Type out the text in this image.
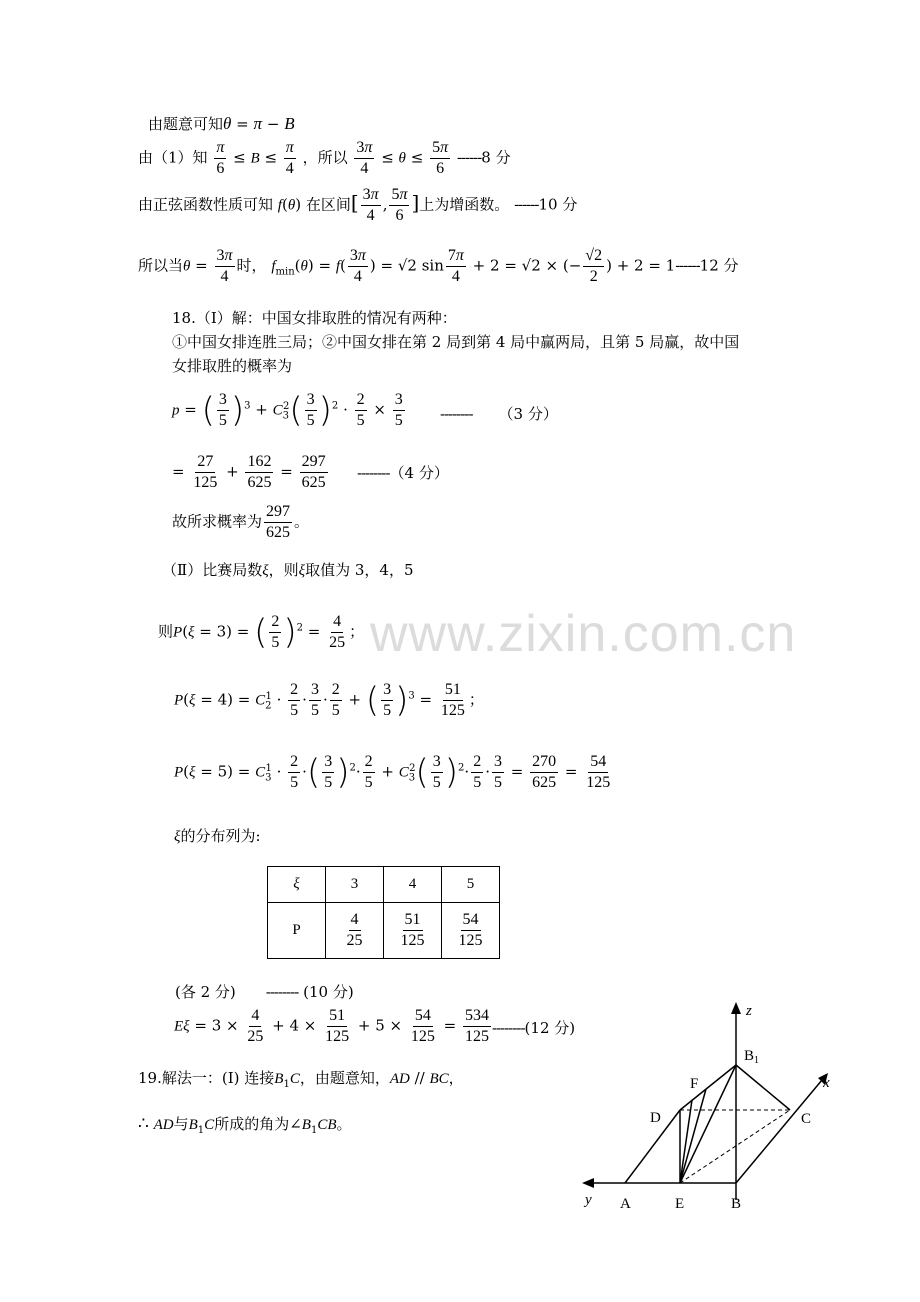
www.zixin.com.cn
由题意可知θ = π − B
由（1）知 $\frac{\pi}{6} \le B \le \frac{\pi}{4}$ ，所以 $\frac{3\pi}{4} \le \theta \le \frac{5\pi}{6} ------8$ 分
由正弦函数性质可知 f(θ) 在区间[ $\frac{3\pi}{4}$ , $\frac{5\pi}{6}$ ]上为增函数。 ------10 分
所以当$\theta = \frac{3\pi}{4}$ 时， $f_{min}(\theta) = f( \frac{3\pi}{4}$ ) = √2 $\sin \frac{7\pi}{4} + 2 = √2$ × (− $\frac{√2}{2}$ ) + 2 = 1------12 分
18.（Ⅰ）解：中国女排取胜的情况有两种：
①中国女排连胜三局；②中国女排在第 2 局到第 4 局中赢两局，且第 5 局赢，故中国
女排取胜的概率为
p = ( $\frac{3}{5} )^3 + C_3^2( \frac{3}{5} )^2 \cdot \frac{2}{5} \times \frac{3}{5}$ -------- （3 分）
= $\frac{27}{125} + \frac{162}{625} = \frac{297}{625} --------(4$ 分）
故所求概率为 $\frac{297}{625}$ 。
（Ⅱ）比赛局数ξ，则ξ取值为 3，4，5
则P(ξ = 3) = ( $\frac{2}{5} )^2 = \frac{4}{25}$ ；
$P(\xi = 4) = C_2^1 \cdot \frac{2}{5} \cdot \frac{3}{5} \cdot \frac{2}{5}$ + ( $\frac{3}{5} )^3 = \frac{51}{125}$ ；
$P(\xi = 5) = C_3^1 \cdot \frac{2}{5}$ ·( $\frac{3}{5} )^2\cdot \frac{2}{5} + C_3^2( \frac{3}{5} )^2\cdot \frac{2}{5} \cdot \frac{3}{5} = \frac{270}{625} = \frac{54}{125}$
ξ的分布列为:
ξ	3	4	5
P	$\frac{4}{25}$	$\frac{51}{125}$	$\frac{54}{125}$
(各 2 分) -------- (10 分)
$E\xi = 3 \times \frac{4}{25} + 4 \times \frac{51}{125} + 5 \times \frac{54}{125} = \frac{534}{125} --------(12$ 分)
19.解法一：(Ⅰ) 连接$B_1C$，由题意知，AD // BC，
∴ AD与$B_1C$所成的角为$\angle B_1CB$。
z
x
y
$B_1$
F
D	C
A	E	B
